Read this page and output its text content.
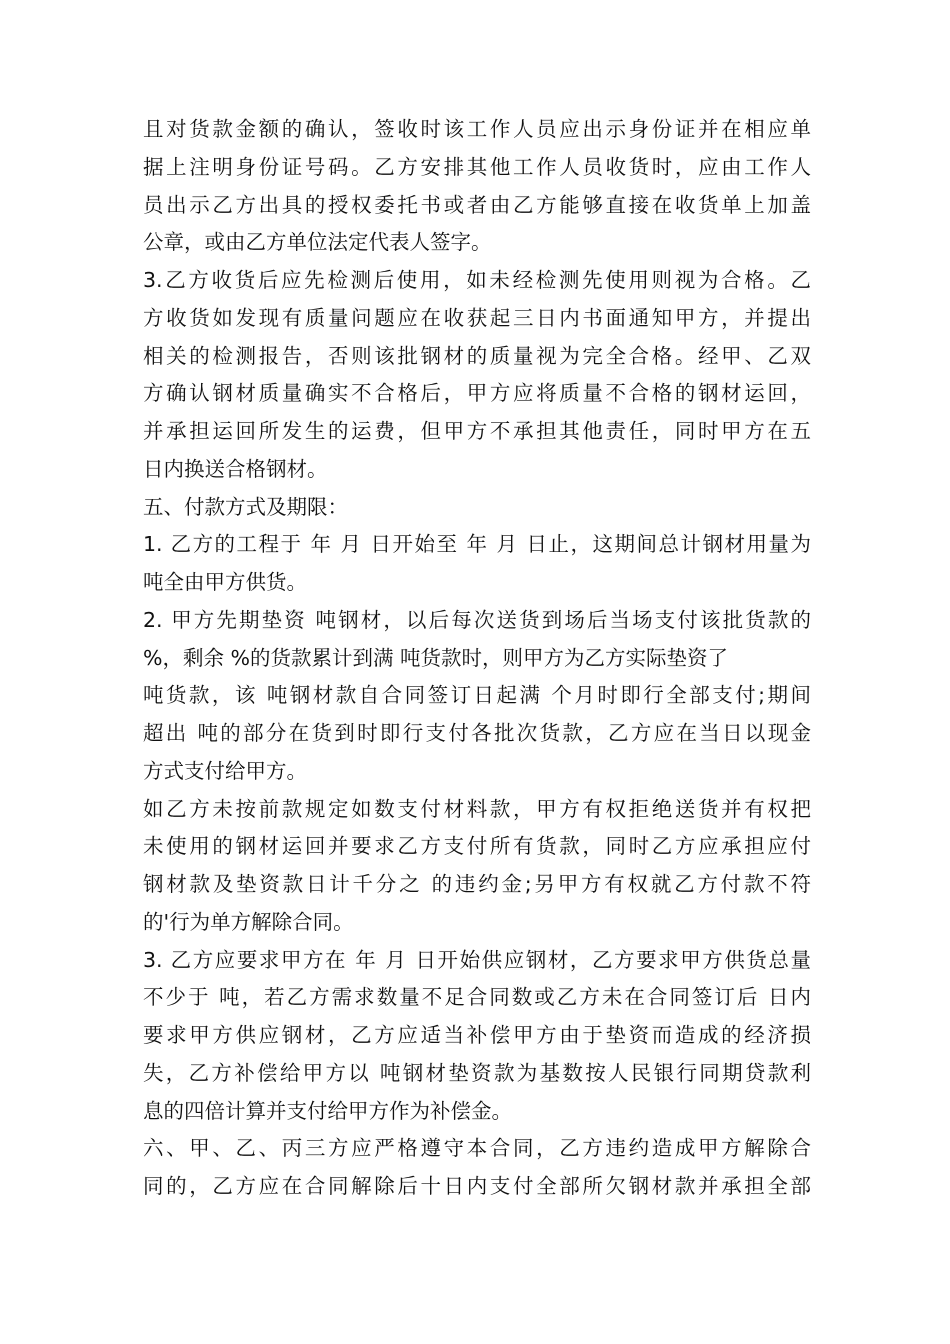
且对货款金额的确认，签收时该工作人员应出示身份证并在相应单
据上注明身份证号码。乙方安排其他工作人员收货时，应由工作人
员出示乙方出具的授权委托书或者由乙方能够直接在收货单上加盖
公章，或由乙方单位法定代表人签字。
3.乙方收货后应先检测后使用，如未经检测先使用则视为合格。乙
方收货如发现有质量问题应在收获起三日内书面通知甲方，并提出
相关的检测报告，否则该批钢材的质量视为完全合格。经甲、乙双
方确认钢材质量确实不合格后，甲方应将质量不合格的钢材运回，
并承担运回所发生的运费，但甲方不承担其他责任，同时甲方在五
日内换送合格钢材。
五、付款方式及期限：
1. 乙方的工程于 年 月 日开始至 年 月 日止，这期间总计钢材用量为
吨全由甲方供货。
2. 甲方先期垫资 吨钢材，以后每次送货到场后当场支付该批货款的
%，剩余 %的货款累计到满 吨货款时，则甲方为乙方实际垫资了
吨货款，该 吨钢材款自合同签订日起满 个月时即行全部支付;期间
超出 吨的部分在货到时即行支付各批次货款，乙方应在当日以现金
方式支付给甲方。
如乙方未按前款规定如数支付材料款，甲方有权拒绝送货并有权把
未使用的钢材运回并要求乙方支付所有货款，同时乙方应承担应付
钢材款及垫资款日计千分之 的违约金;另甲方有权就乙方付款不符
的'行为单方解除合同。
3. 乙方应要求甲方在 年 月 日开始供应钢材，乙方要求甲方供货总量
不少于 吨，若乙方需求数量不足合同数或乙方未在合同签订后 日内
要求甲方供应钢材，乙方应适当补偿甲方由于垫资而造成的经济损
失，乙方补偿给甲方以 吨钢材垫资款为基数按人民银行同期贷款利
息的四倍计算并支付给甲方作为补偿金。
六、甲、乙、丙三方应严格遵守本合同，乙方违约造成甲方解除合
同的，乙方应在合同解除后十日内支付全部所欠钢材款并承担全部
